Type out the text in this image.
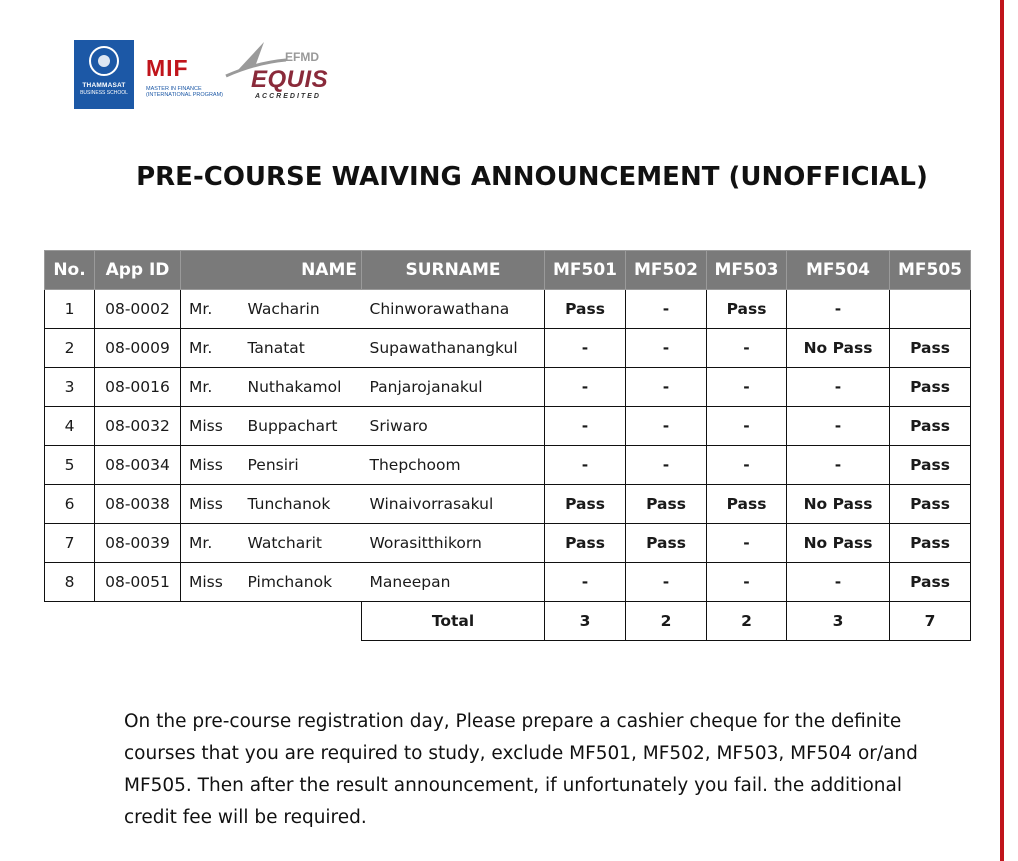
THAMMASAT
BUSINESS SCHOOL
MIF
MASTER IN FINANCE
(INTERNATIONAL PROGRAM)
EFMD
EQUIS
ACCREDITED
PRE-COURSE WAIVING ANNOUNCEMENT (UNOFFICIAL)
No.	App ID	NAME		SURNAME	MF501	MF502	MF503	MF504	MF505
1	08-0002	Mr.	Wacharin	Chinworawathana	Pass	-	Pass	-	
2	08-0009	Mr.	Tanatat	Supawathanangkul	-	-	-	No Pass	Pass
3	08-0016	Mr.	Nuthakamol	Panjarojanakul	-	-	-	-	Pass
4	08-0032	Miss	Buppachart	Sriwaro	-	-	-	-	Pass
5	08-0034	Miss	Pensiri	Thepchoom	-	-	-	-	Pass
6	08-0038	Miss	Tunchanok	Winaivorrasakul	Pass	Pass	Pass	No Pass	Pass
7	08-0039	Mr.	Watcharit	Worasitthikorn	Pass	Pass	-	No Pass	Pass
8	08-0051	Miss	Pimchanok	Maneepan	-	-	-	-	Pass
				Total	3	2	2	3	7
On the pre-course registration day, Please prepare a cashier cheque for the definite courses that you are required to study, exclude MF501, MF502, MF503, MF504 or/and MF505. Then after the result announcement, if unfortunately you fail. the additional credit fee will be required.
